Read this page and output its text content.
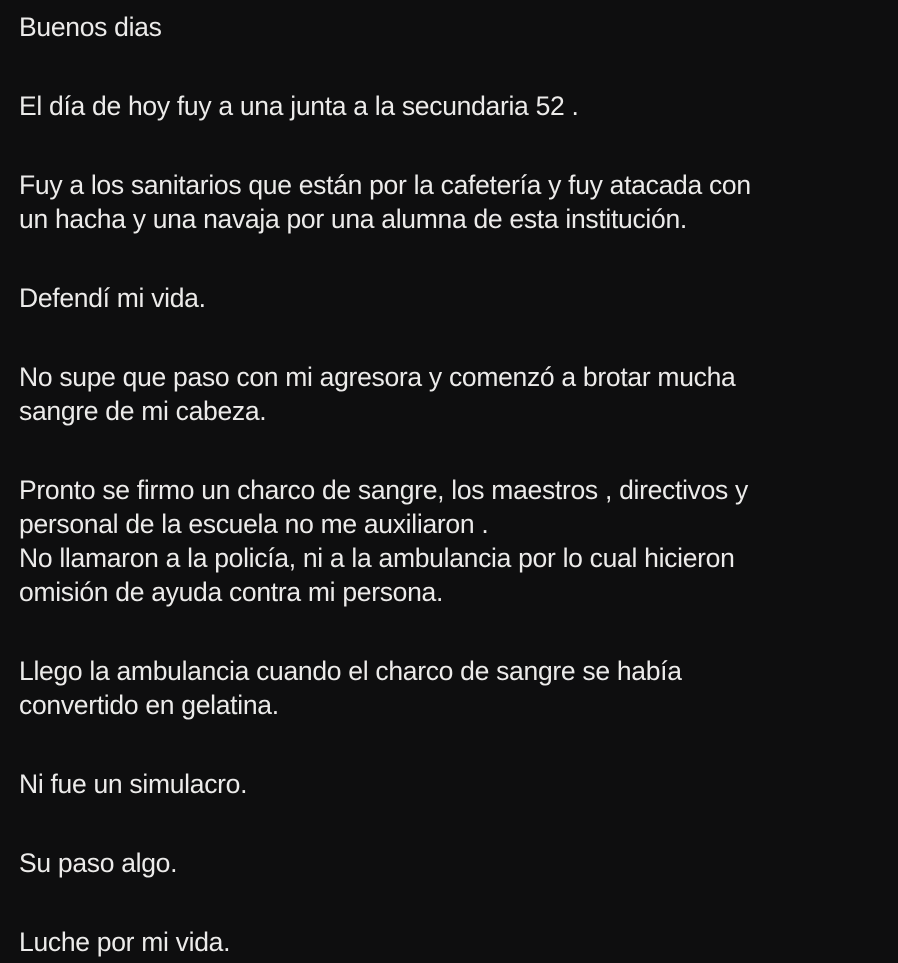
Buenos dias

El día de hoy fuy a una junta a la secundaria 52 .

Fuy a los sanitarios que están por la cafetería y fuy atacada con
un hacha y una navaja por una alumna de esta institución.

Defendí mi vida.

No supe que paso con mi agresora y comenzó a brotar mucha
sangre de mi cabeza.

Pronto se firmo un charco de sangre, los maestros , directivos y
personal de la escuela no me auxiliaron .
No llamaron a la policía, ni a la ambulancia por lo cual hicieron
omisión de ayuda contra mi persona.

Llego la ambulancia cuando el charco de sangre se había
convertido en gelatina.

Ni fue un simulacro.

Su paso algo.

Luche por mi vida.
